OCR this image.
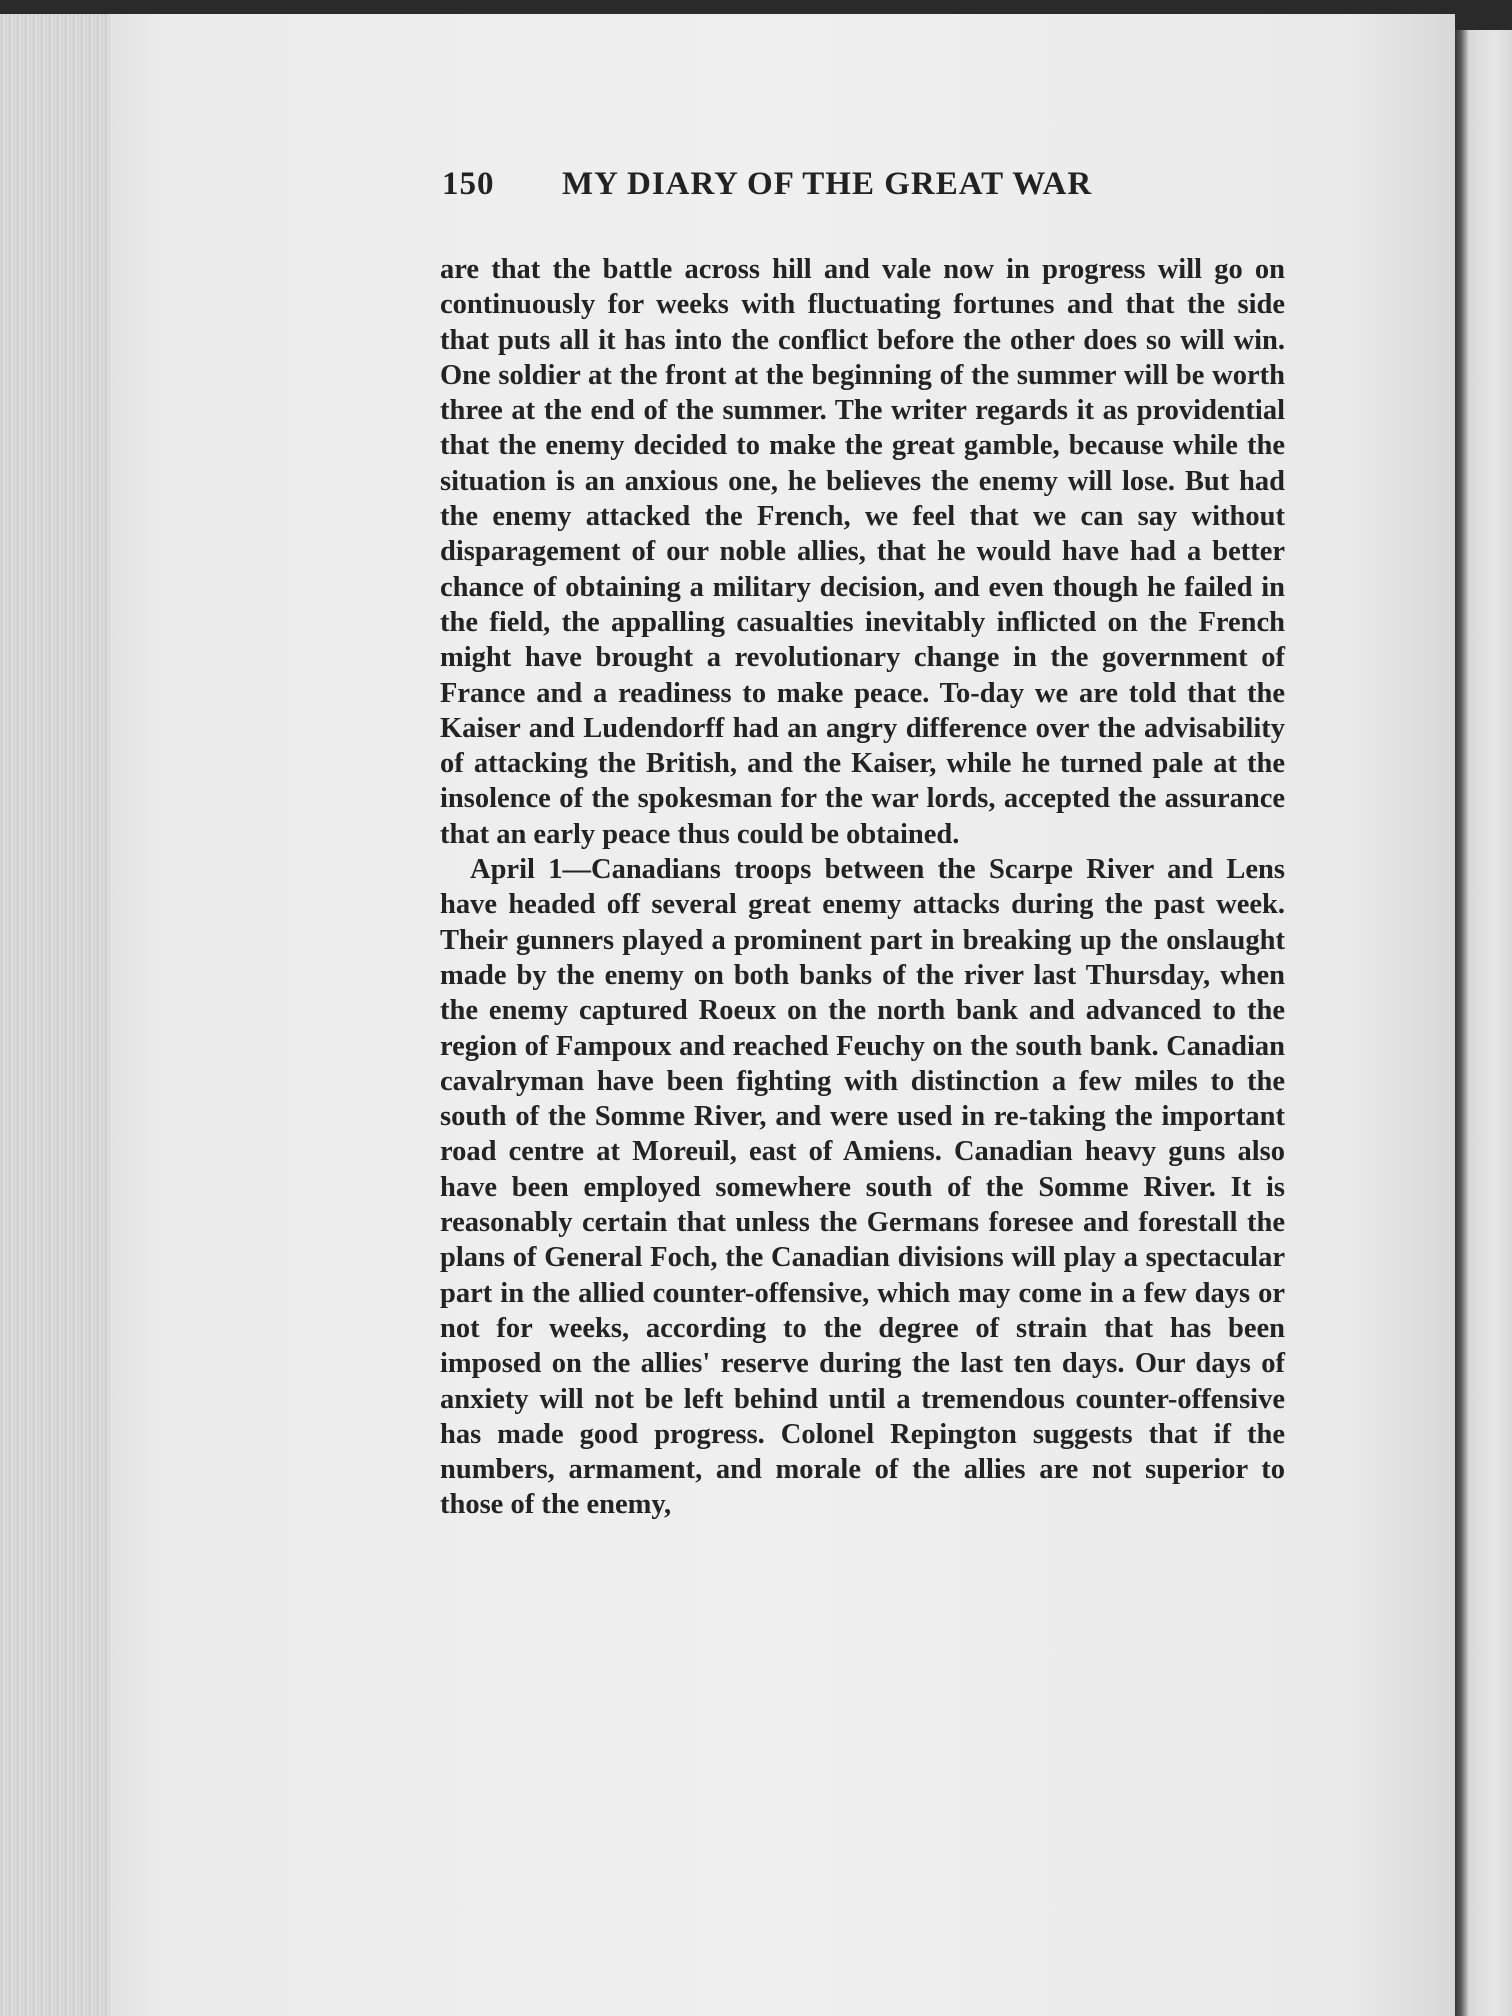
150 MY DIARY OF THE GREAT WAR

are that the battle across hill and vale now in progress will go on continuously for weeks with fluctuating fortunes and that the side that puts all it has into the conflict before the other does so will win. One soldier at the front at the beginning of the summer will be worth three at the end of the summer. The writer regards it as providential that the enemy decided to make the great gamble, because while the situation is an anxious one, he believes the enemy will lose. But had the enemy attacked the French, we feel that we can say without disparagement of our noble allies, that he would have had a better chance of obtaining a military decision, and even though he failed in the field, the appalling casualties inevitably inflicted on the French might have brought a revolutionary change in the government of France and a readiness to make peace. To-day we are told that the Kaiser and Ludendorff had an angry difference over the advisability of attacking the British, and the Kaiser, while he turned pale at the insolence of the spokesman for the war lords, accepted the assurance that an early peace thus could be obtained.

April 1—Canadians troops between the Scarpe River and Lens have headed off several great enemy attacks during the past week. Their gunners played a prominent part in breaking up the onslaught made by the enemy on both banks of the river last Thursday, when the enemy captured Roeux on the north bank and advanced to the region of Fampoux and reached Feuchy on the south bank. Canadian cavalryman have been fighting with distinction a few miles to the south of the Somme River, and were used in re-taking the important road centre at Moreuil, east of Amiens. Canadian heavy guns also have been employed somewhere south of the Somme River. It is reasonably certain that unless the Germans foresee and forestall the plans of General Foch, the Canadian divisions will play a spectacular part in the allied counter-offensive, which may come in a few days or not for weeks, according to the degree of strain that has been imposed on the allies' reserve during the last ten days. Our days of anxiety will not be left behind until a tremendous counter-offensive has made good progress. Colonel Repington suggests that if the numbers, armament, and morale of the allies are not superior to those of the enemy,
